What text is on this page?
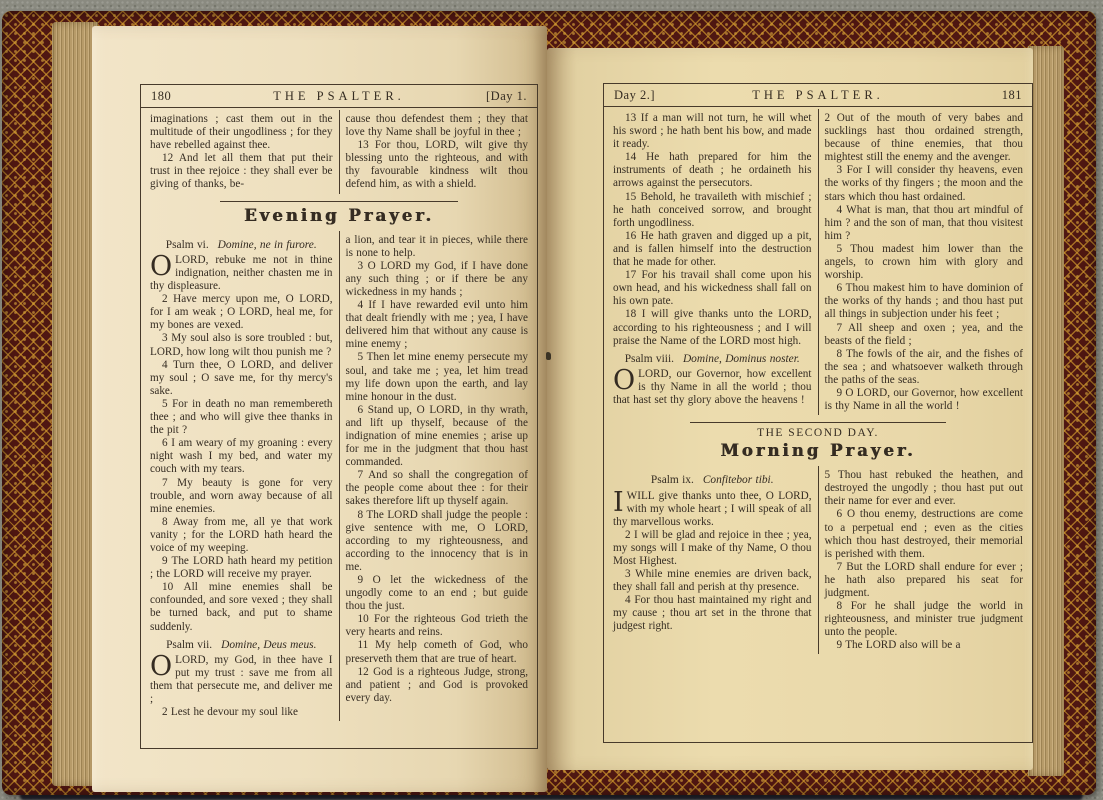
180	THE PSALTER.	[Day 1.

imaginations ; cast them out in the multitude of their ungodliness ; for they have rebelled against thee.

12 And let all them that put their trust in thee rejoice : they shall ever be giving of thanks, be-

cause thou defendest them ; they that love thy Name shall be joyful in thee ;

13 For thou, LORD, wilt give thy blessing unto the righteous, and with thy favourable kindness wilt thou defend him, as with a shield.

Evening Prayer.

Psalm vi. Domine, ne in furore.

OLORD, rebuke me not in thine indignation, neither chasten me in thy displeasure.

2 Have mercy upon me, O LORD, for I am weak ; O LORD, heal me, for my bones are vexed.

3 My soul also is sore troubled : but, LORD, how long wilt thou punish me ?

4 Turn thee, O LORD, and deliver my soul ; O save me, for thy mercy's sake.

5 For in death no man remembereth thee ; and who will give thee thanks in the pit ?

6 I am weary of my groaning : every night wash I my bed, and water my couch with my tears.

7 My beauty is gone for very trouble, and worn away because of all mine enemies.

8 Away from me, all ye that work vanity ; for the LORD hath heard the voice of my weeping.

9 The LORD hath heard my petition ; the LORD will receive my prayer.

10 All mine enemies shall be confounded, and sore vexed ; they shall be turned back, and put to shame suddenly.

Psalm vii. Domine, Deus meus.

OLORD, my God, in thee have I put my trust : save me from all them that persecute me, and deliver me ;

2 Lest he devour my soul like

a lion, and tear it in pieces, while there is none to help.

3 O LORD my God, if I have done any such thing ; or if there be any wickedness in my hands ;

4 If I have rewarded evil unto him that dealt friendly with me ; yea, I have delivered him that without any cause is mine enemy ;

5 Then let mine enemy persecute my soul, and take me ; yea, let him tread my life down upon the earth, and lay mine honour in the dust.

6 Stand up, O LORD, in thy wrath, and lift up thyself, because of the indignation of mine enemies ; arise up for me in the judgment that thou hast commanded.

7 And so shall the congregation of the people come about thee : for their sakes therefore lift up thyself again.

8 The LORD shall judge the people : give sentence with me, O LORD, according to my righteousness, and according to the innocency that is in me.

9 O let the wickedness of the ungodly come to an end ; but guide thou the just.

10 For the righteous God trieth the very hearts and reins.

11 My help cometh of God, who preserveth them that are true of heart.

12 God is a righteous Judge, strong, and patient ; and God is provoked every day.

Day 2.]	THE PSALTER.	181

13 If a man will not turn, he will whet his sword ; he hath bent his bow, and made it ready.

14 He hath prepared for him the instruments of death ; he ordaineth his arrows against the persecutors.

15 Behold, he travaileth with mischief ; he hath conceived sorrow, and brought forth ungodliness.

16 He hath graven and digged up a pit, and is fallen himself into the destruction that he made for other.

17 For his travail shall come upon his own head, and his wickedness shall fall on his own pate.

18 I will give thanks unto the LORD, according to his righteousness ; and I will praise the Name of the LORD most high.

Psalm viii. Domine, Dominus noster.

OLORD, our Governor, how excellent is thy Name in all the world ; thou that hast set thy glory above the heavens !

2 Out of the mouth of very babes and sucklings hast thou ordained strength, because of thine enemies, that thou mightest still the enemy and the avenger.

3 For I will consider thy heavens, even the works of thy fingers ; the moon and the stars which thou hast ordained.

4 What is man, that thou art mindful of him ? and the son of man, that thou visitest him ?

5 Thou madest him lower than the angels, to crown him with glory and worship.

6 Thou makest him to have dominion of the works of thy hands ; and thou hast put all things in subjection under his feet ;

7 All sheep and oxen ; yea, and the beasts of the field ;

8 The fowls of the air, and the fishes of the sea ; and whatsoever walketh through the paths of the seas.

9 O LORD, our Governor, how excellent is thy Name in all the world !

THE SECOND DAY.
Morning Prayer.

Psalm ix. Confitebor tibi.

IWILL give thanks unto thee, O LORD, with my whole heart ; I will speak of all thy marvellous works.

2 I will be glad and rejoice in thee ; yea, my songs will I make of thy Name, O thou Most Highest.

3 While mine enemies are driven back, they shall fall and perish at thy presence.

4 For thou hast maintained my right and my cause ; thou art set in the throne that judgest right.

5 Thou hast rebuked the heathen, and destroyed the ungodly ; thou hast put out their name for ever and ever.

6 O thou enemy, destructions are come to a perpetual end ; even as the cities which thou hast destroyed, their memorial is perished with them.

7 But the LORD shall endure for ever ; he hath also prepared his seat for judgment.

8 For he shall judge the world in righteousness, and minister true judgment unto the people.

9 The LORD also will be a
